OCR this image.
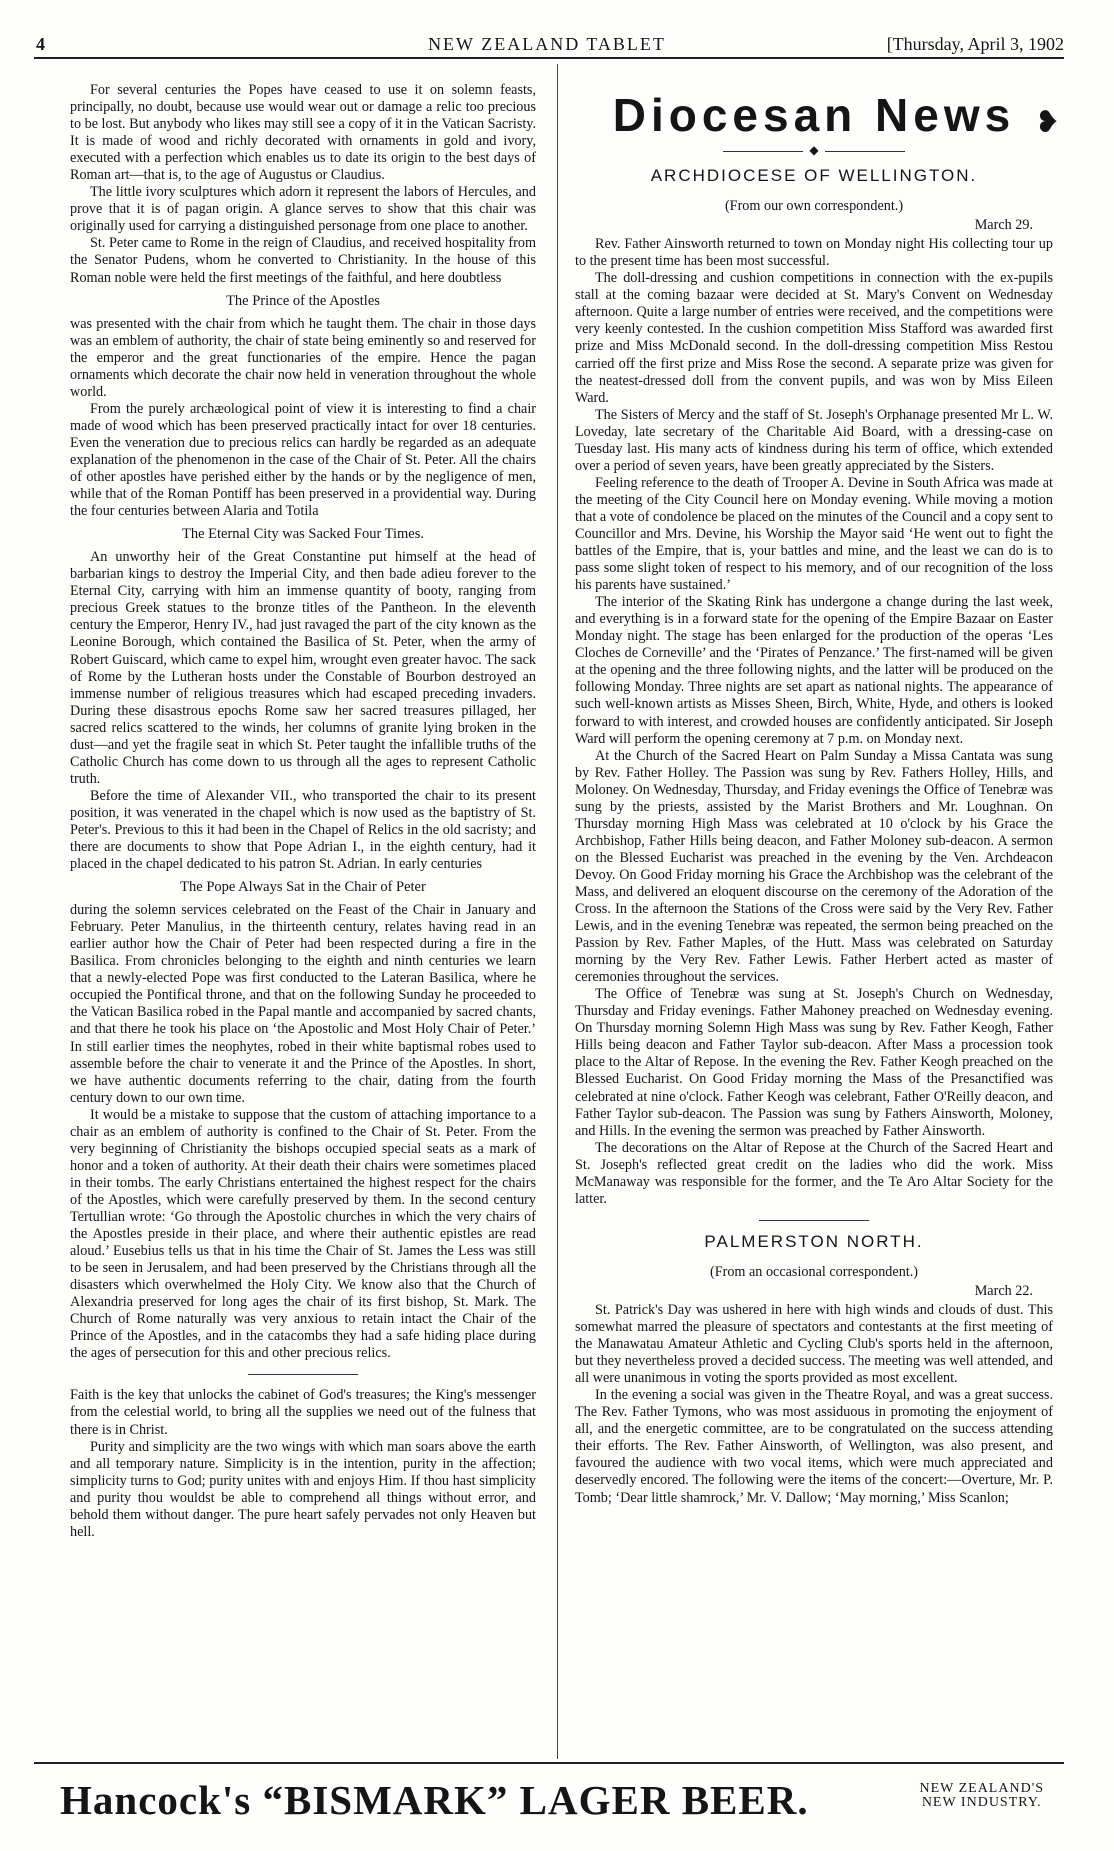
4	NEW ZEALAND TABLET	[Thursday, April 3, 1902

For several centuries the Popes have ceased to use it on solemn feasts, principally, no doubt, because use would wear out or damage a relic too precious to be lost. But anybody who likes may still see a copy of it in the Vatican Sacristy. It is made of wood and richly decorated with ornaments in gold and ivory, executed with a perfection which enables us to date its origin to the best days of Roman art—that is, to the age of Augustus or Claudius.

The little ivory sculptures which adorn it represent the labors of Hercules, and prove that it is of pagan origin. A glance serves to show that this chair was originally used for carrying a distinguished personage from one place to another.

St. Peter came to Rome in the reign of Claudius, and received hospitality from the Senator Pudens, whom he converted to Christianity. In the house of this Roman noble were held the first meetings of the faithful, and here doubtless

The Prince of the Apostles

was presented with the chair from which he taught them. The chair in those days was an emblem of authority, the chair of state being eminently so and reserved for the emperor and the great functionaries of the empire. Hence the pagan ornaments which decorate the chair now held in veneration throughout the whole world.

From the purely archæological point of view it is interesting to find a chair made of wood which has been preserved practically intact for over 18 centuries. Even the veneration due to precious relics can hardly be regarded as an adequate explanation of the phenomenon in the case of the Chair of St. Peter. All the chairs of other apostles have perished either by the hands or by the negligence of men, while that of the Roman Pontiff has been preserved in a providential way. During the four centuries between Alaria and Totila

The Eternal City was Sacked Four Times.

An unworthy heir of the Great Constantine put himself at the head of barbarian kings to destroy the Imperial City, and then bade adieu forever to the Eternal City, carrying with him an immense quantity of booty, ranging from precious Greek statues to the bronze titles of the Pantheon. In the eleventh century the Emperor, Henry IV., had just ravaged the part of the city known as the Leonine Borough, which contained the Basilica of St. Peter, when the army of Robert Guiscard, which came to expel him, wrought even greater havoc. The sack of Rome by the Lutheran hosts under the Constable of Bourbon destroyed an immense number of religious treasures which had escaped preceding invaders. During these disastrous epochs Rome saw her sacred treasures pillaged, her sacred relics scattered to the winds, her columns of granite lying broken in the dust—and yet the fragile seat in which St. Peter taught the infallible truths of the Catholic Church has come down to us through all the ages to represent Catholic truth.

Before the time of Alexander VII., who transported the chair to its present position, it was venerated in the chapel which is now used as the baptistry of St. Peter's. Previous to this it had been in the Chapel of Relics in the old sacristy; and there are documents to show that Pope Adrian I., in the eighth century, had it placed in the chapel dedicated to his patron St. Adrian. In early centuries

The Pope Always Sat in the Chair of Peter

during the solemn services celebrated on the Feast of the Chair in January and February. Peter Manulius, in the thirteenth century, relates having read in an earlier author how the Chair of Peter had been respected during a fire in the Basilica. From chronicles belonging to the eighth and ninth centuries we learn that a newly-elected Pope was first conducted to the Lateran Basilica, where he occupied the Pontifical throne, and that on the following Sunday he proceeded to the Vatican Basilica robed in the Papal mantle and accompanied by sacred chants, and that there he took his place on ‘the Apostolic and Most Holy Chair of Peter.’ In still earlier times the neophytes, robed in their white baptismal robes used to assemble before the chair to venerate it and the Prince of the Apostles. In short, we have authentic documents referring to the chair, dating from the fourth century down to our own time.

It would be a mistake to suppose that the custom of attaching importance to a chair as an emblem of authority is confined to the Chair of St. Peter. From the very beginning of Christianity the bishops occupied special seats as a mark of honor and a token of authority. At their death their chairs were sometimes placed in their tombs. The early Christians entertained the highest respect for the chairs of the Apostles, which were carefully preserved by them. In the second century Tertullian wrote: ‘Go through the Apostolic churches in which the very chairs of the Apostles preside in their place, and where their authentic epistles are read aloud.’ Eusebius tells us that in his time the Chair of St. James the Less was still to be seen in Jerusalem, and had been preserved by the Christians through all the disasters which overwhelmed the Holy City. We know also that the Church of Alexandria preserved for long ages the chair of its first bishop, St. Mark. The Church of Rome naturally was very anxious to retain intact the Chair of the Prince of the Apostles, and in the catacombs they had a safe hiding place during the ages of persecution for this and other precious relics.

Faith is the key that unlocks the cabinet of God's treasures; the King's messenger from the celestial world, to bring all the supplies we need out of the fulness that there is in Christ.

Purity and simplicity are the two wings with which man soars above the earth and all temporary nature. Simplicity is in the intention, purity in the affection; simplicity turns to God; purity unites with and enjoys Him. If thou hast simplicity and purity thou wouldst be able to comprehend all things without error, and behold them without danger. The pure heart safely pervades not only Heaven but hell.

Diocesan News ❥
◆
ARCHDIOCESE OF WELLINGTON.
(From our own correspondent.)
March 29.

Rev. Father Ainsworth returned to town on Monday night His collecting tour up to the present time has been most successful.

The doll-dressing and cushion competitions in connection with the ex-pupils stall at the coming bazaar were decided at St. Mary's Convent on Wednesday afternoon. Quite a large number of entries were received, and the competitions were very keenly contested. In the cushion competition Miss Stafford was awarded first prize and Miss McDonald second. In the doll-dressing competition Miss Restou carried off the first prize and Miss Rose the second. A separate prize was given for the neatest-dressed doll from the convent pupils, and was won by Miss Eileen Ward.

The Sisters of Mercy and the staff of St. Joseph's Orphanage presented Mr L. W. Loveday, late secretary of the Charitable Aid Board, with a dressing-case on Tuesday last. His many acts of kindness during his term of office, which extended over a period of seven years, have been greatly appreciated by the Sisters.

Feeling reference to the death of Trooper A. Devine in South Africa was made at the meeting of the City Council here on Monday evening. While moving a motion that a vote of condolence be placed on the minutes of the Council and a copy sent to Councillor and Mrs. Devine, his Worship the Mayor said ‘He went out to fight the battles of the Empire, that is, your battles and mine, and the least we can do is to pass some slight token of respect to his memory, and of our recognition of the loss his parents have sustained.’

The interior of the Skating Rink has undergone a change during the last week, and everything is in a forward state for the opening of the Empire Bazaar on Easter Monday night. The stage has been enlarged for the production of the operas ‘Les Cloches de Corneville’ and the ‘Pirates of Penzance.’ The first-named will be given at the opening and the three following nights, and the latter will be produced on the following Monday. Three nights are set apart as national nights. The appearance of such well-known artists as Misses Sheen, Birch, White, Hyde, and others is looked forward to with interest, and crowded houses are confidently anticipated. Sir Joseph Ward will perform the opening ceremony at 7 p.m. on Monday next.

At the Church of the Sacred Heart on Palm Sunday a Missa Cantata was sung by Rev. Father Holley. The Passion was sung by Rev. Fathers Holley, Hills, and Moloney. On Wednesday, Thursday, and Friday evenings the Office of Tenebræ was sung by the priests, assisted by the Marist Brothers and Mr. Loughnan. On Thursday morning High Mass was celebrated at 10 o'clock by his Grace the Archbishop, Father Hills being deacon, and Father Moloney sub-deacon. A sermon on the Blessed Eucharist was preached in the evening by the Ven. Archdeacon Devoy. On Good Friday morning his Grace the Archbishop was the celebrant of the Mass, and delivered an eloquent discourse on the ceremony of the Adoration of the Cross. In the afternoon the Stations of the Cross were said by the Very Rev. Father Lewis, and in the evening Tenebræ was repeated, the sermon being preached on the Passion by Rev. Father Maples, of the Hutt. Mass was celebrated on Saturday morning by the Very Rev. Father Lewis. Father Herbert acted as master of ceremonies throughout the services.

The Office of Tenebræ was sung at St. Joseph's Church on Wednesday, Thursday and Friday evenings. Father Mahoney preached on Wednesday evening. On Thursday morning Solemn High Mass was sung by Rev. Father Keogh, Father Hills being deacon and Father Taylor sub-deacon. After Mass a procession took place to the Altar of Repose. In the evening the Rev. Father Keogh preached on the Blessed Eucharist. On Good Friday morning the Mass of the Presanctified was celebrated at nine o'clock. Father Keogh was celebrant, Father O'Reilly deacon, and Father Taylor sub-deacon. The Passion was sung by Fathers Ainsworth, Moloney, and Hills. In the evening the sermon was preached by Father Ainsworth.

The decorations on the Altar of Repose at the Church of the Sacred Heart and St. Joseph's reflected great credit on the ladies who did the work. Miss McManaway was responsible for the former, and the Te Aro Altar Society for the latter.

PALMERSTON NORTH.
(From an occasional correspondent.)
March 22.

St. Patrick's Day was ushered in here with high winds and clouds of dust. This somewhat marred the pleasure of spectators and contestants at the first meeting of the Manawatau Amateur Athletic and Cycling Club's sports held in the afternoon, but they nevertheless proved a decided success. The meeting was well attended, and all were unanimous in voting the sports provided as most excellent.

In the evening a social was given in the Theatre Royal, and was a great success. The Rev. Father Tymons, who was most assiduous in promoting the enjoyment of all, and the energetic committee, are to be congratulated on the success attending their efforts. The Rev. Father Ainsworth, of Wellington, was also present, and favoured the audience with two vocal items, which were much appreciated and deservedly encored. The following were the items of the concert:—Overture, Mr. P. Tomb; ‘Dear little shamrock,’ Mr. V. Dallow; ‘May morning,’ Miss Scanlon;

Hancock's “BISMARK” LAGER BEER.	NEW ZEALAND'S
NEW INDUSTRY.
